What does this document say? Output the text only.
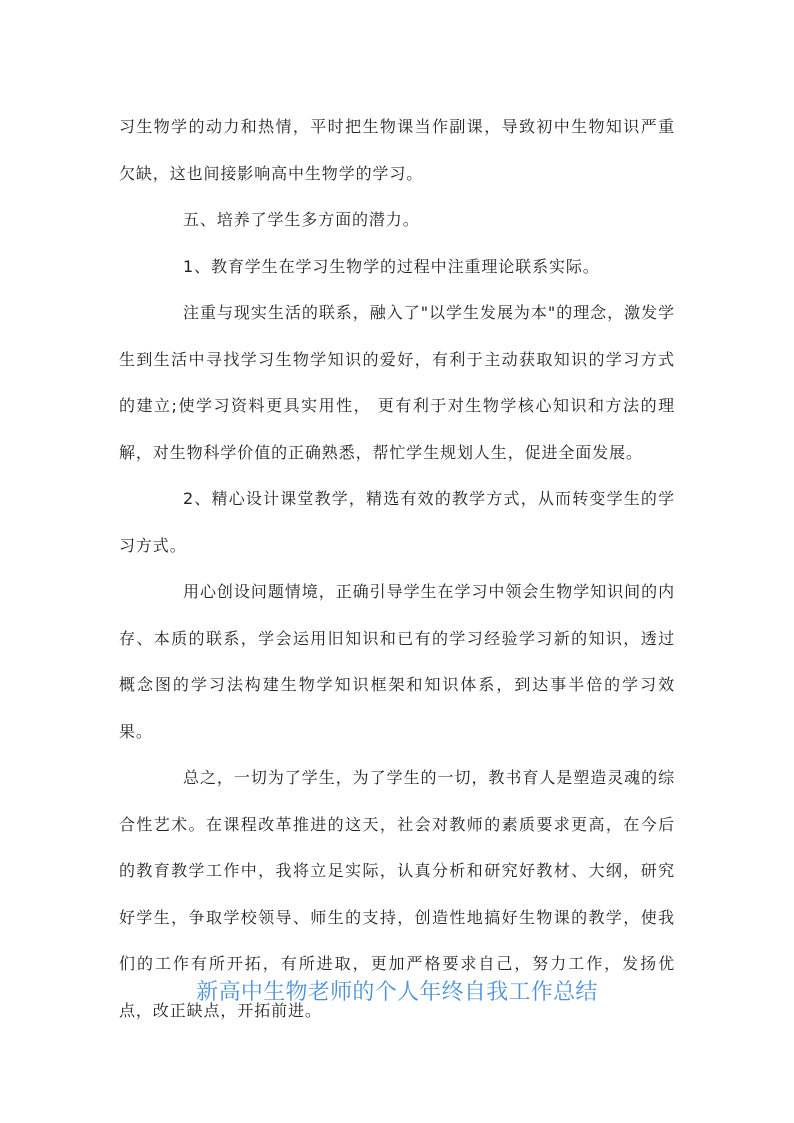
习生物学的动力和热情，平时把生物课当作副课，导致初中生物知识严重欠缺，这也间接影响高中生物学的学习。

五、培养了学生多方面的潜力。

1、教育学生在学习生物学的过程中注重理论联系实际。

注重与现实生活的联系，融入了"以学生发展为本"的理念，激发学生到生活中寻找学习生物学知识的爱好，有利于主动获取知识的学习方式的建立;使学习资料更具实用性， 更有利于对生物学核心知识和方法的理解，对生物科学价值的正确熟悉，帮忙学生规划人生，促进全面发展。

2、精心设计课堂教学，精选有效的教学方式，从而转变学生的学习方式。

用心创设问题情境，正确引导学生在学习中领会生物学知识间的内存、本质的联系，学会运用旧知识和已有的学习经验学习新的知识，透过概念图的学习法构建生物学知识框架和知识体系，到达事半倍的学习效果。

总之，一切为了学生，为了学生的一切，教书育人是塑造灵魂的综合性艺术。在课程改革推进的这天，社会对教师的素质要求更高，在今后的教育教学工作中，我将立足实际，认真分析和研究好教材、大纲，研究好学生，争取学校领导、师生的支持，创造性地搞好生物课的教学，使我们的工作有所开拓，有所进取，更加严格要求自己，努力工作，发扬优点，改正缺点，开拓前进。

新高中生物老师的个人年终自我工作总结
